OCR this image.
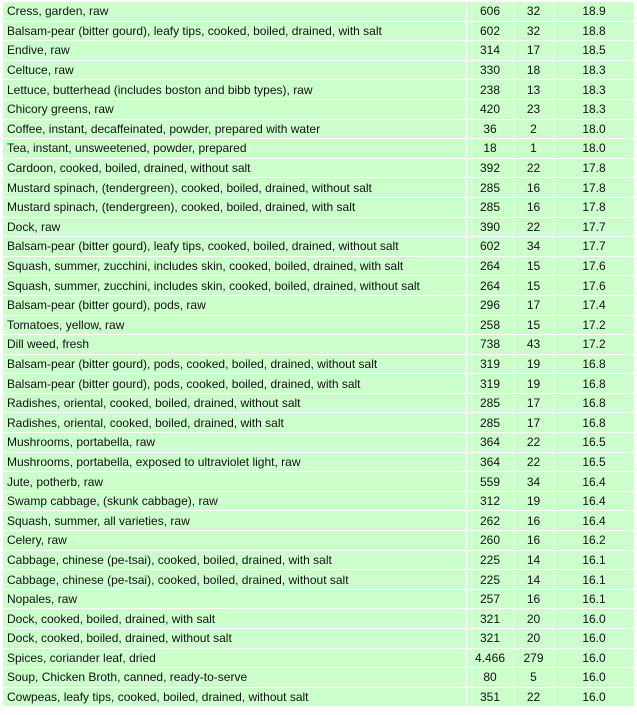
Cress, garden, raw	606	32	18.9
Balsam-pear (bitter gourd), leafy tips, cooked, boiled, drained, with salt	602	32	18.8
Endive, raw	314	17	18.5
Celtuce, raw	330	18	18.3
Lettuce, butterhead (includes boston and bibb types), raw	238	13	18.3
Chicory greens, raw	420	23	18.3
Coffee, instant, decaffeinated, powder, prepared with water	36	2	18.0
Tea, instant, unsweetened, powder, prepared	18	1	18.0
Cardoon, cooked, boiled, drained, without salt	392	22	17.8
Mustard spinach, (tendergreen), cooked, boiled, drained, without salt	285	16	17.8
Mustard spinach, (tendergreen), cooked, boiled, drained, with salt	285	16	17.8
Dock, raw	390	22	17.7
Balsam-pear (bitter gourd), leafy tips, cooked, boiled, drained, without salt	602	34	17.7
Squash, summer, zucchini, includes skin, cooked, boiled, drained, with salt	264	15	17.6
Squash, summer, zucchini, includes skin, cooked, boiled, drained, without salt	264	15	17.6
Balsam-pear (bitter gourd), pods, raw	296	17	17.4
Tomatoes, yellow, raw	258	15	17.2
Dill weed, fresh	738	43	17.2
Balsam-pear (bitter gourd), pods, cooked, boiled, drained, without salt	319	19	16.8
Balsam-pear (bitter gourd), pods, cooked, boiled, drained, with salt	319	19	16.8
Radishes, oriental, cooked, boiled, drained, without salt	285	17	16.8
Radishes, oriental, cooked, boiled, drained, with salt	285	17	16.8
Mushrooms, portabella, raw	364	22	16.5
Mushrooms, portabella, exposed to ultraviolet light, raw	364	22	16.5
Jute, potherb, raw	559	34	16.4
Swamp cabbage, (skunk cabbage), raw	312	19	16.4
Squash, summer, all varieties, raw	262	16	16.4
Celery, raw	260	16	16.2
Cabbage, chinese (pe-tsai), cooked, boiled, drained, with salt	225	14	16.1
Cabbage, chinese (pe-tsai), cooked, boiled, drained, without salt	225	14	16.1
Nopales, raw	257	16	16.1
Dock, cooked, boiled, drained, with salt	321	20	16.0
Dock, cooked, boiled, drained, without salt	321	20	16.0
Spices, coriander leaf, dried	4.466	279	16.0
Soup, Chicken Broth, canned, ready-to-serve	80	5	16.0
Cowpeas, leafy tips, cooked, boiled, drained, without salt	351	22	16.0
